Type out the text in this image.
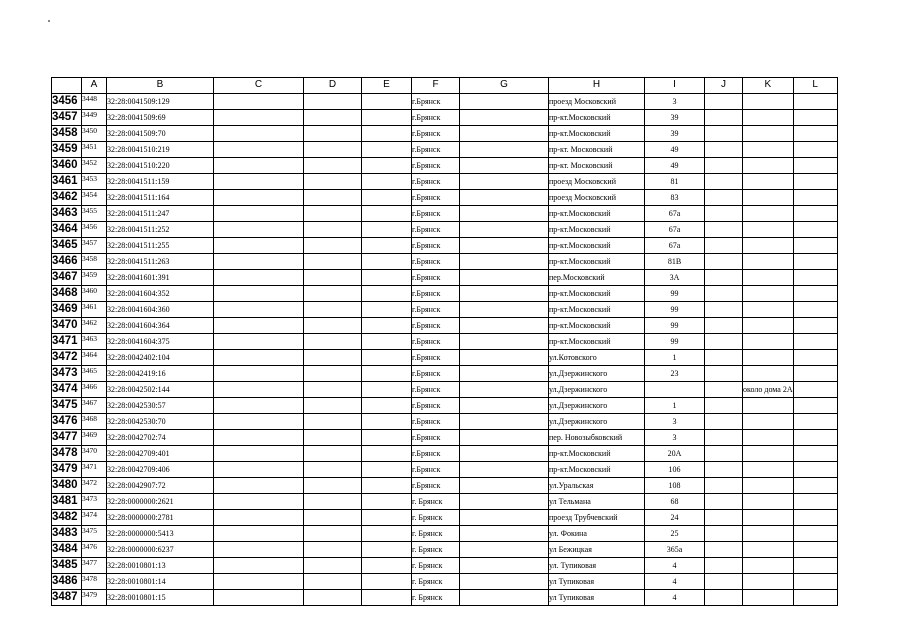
	A	B	C	D	E	F	G	H	I	J	K	L
3456	3448	32:28:0041509:129				г.Брянск		проезд Московский	3			
3457	3449	32:28:0041509:69				г.Брянск		пр-кт.Московский	39			
3458	3450	32:28:0041509:70				г.Брянск		пр-кт.Московский	39			
3459	3451	32:28:0041510:219				г.Брянск		пр-кт. Московский	49			
3460	3452	32:28:0041510:220				г.Брянск		пр-кт. Московский	49			
3461	3453	32:28:0041511:159				г.Брянск		проезд Московский	81			
3462	3454	32:28:0041511:164				г.Брянск		проезд Московский	83			
3463	3455	32:28:0041511:247				г.Брянск		пр-кт.Московский	67а			
3464	3456	32:28:0041511:252				г.Брянск		пр-кт.Московский	67а			
3465	3457	32:28:0041511:255				г.Брянск		пр-кт.Московский	67а			
3466	3458	32:28:0041511:263				г.Брянск		пр-кт.Московский	81В			
3467	3459	32:28:0041601:391				г.Брянск		пер.Московский	3А			
3468	3460	32:28:0041604:352				г.Брянск		пр-кт.Московский	99			
3469	3461	32:28:0041604:360				г.Брянск		пр-кт.Московский	99			
3470	3462	32:28:0041604:364				г.Брянск		пр-кт.Московский	99			
3471	3463	32:28:0041604:375				г.Брянск		пр-кт.Московский	99			
3472	3464	32:28:0042402:104				г.Брянск		ул.Котовского	1			
3473	3465	32:28:0042419:16				г.Брянск		ул.Дзержинского	23			
3474	3466	32:28:0042502:144				г.Брянск		ул.Дзержинского			около дома 2А	
3475	3467	32:28:0042530:57				г.Брянск		ул.Дзержинского	1			
3476	3468	32:28:0042530:70				г.Брянск		ул.Дзержинского	3			
3477	3469	32:28:0042702:74				г.Брянск		пер. Новозыбковский	3			
3478	3470	32:28:0042709:401				г.Брянск		пр-кт.Московский	20А			
3479	3471	32:28:0042709:406				г.Брянск		пр-кт.Московский	106			
3480	3472	32:28:0042907:72				г.Брянск		ул.Уральская	108			
3481	3473	32:28:0000000:2621				г. Брянск		ул Тельмана	68			
3482	3474	32:28:0000000:2781				г. Брянск		проезд Трубчевский	24			
3483	3475	32:28:0000000:5413				г. Брянск		ул. Фокина	25			
3484	3476	32:28:0000000:6237				г. Брянск		ул Бежицкая	365а			
3485	3477	32:28:0010801:13				г. Брянск		ул. Тупиковая	4			
3486	3478	32:28:0010801:14				г. Брянск		ул Тупиковая	4			
3487	3479	32:28:0010801:15				г. Брянск		ул Тупиковая	4			
